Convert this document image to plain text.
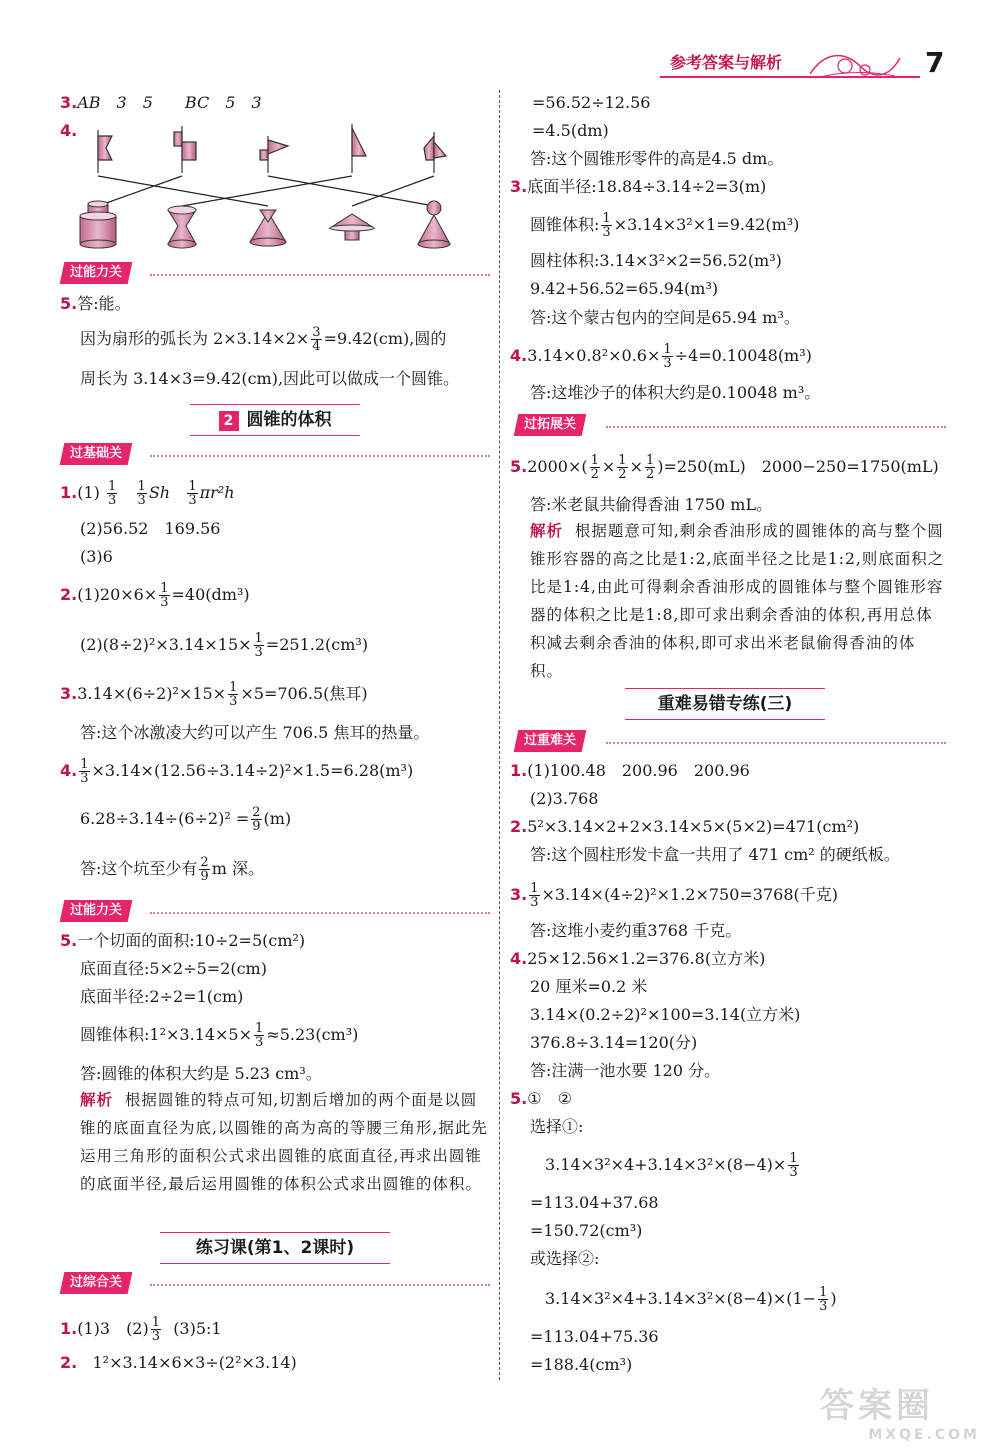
参考答案与解析	7
3.AB　3　5　　BC　5　3
4.
过能力关
5.答:能。
因为扇形的弧长为 $2\times 3.14\times 2\times \frac{3}{4} =9.42(cm)$,圆的
周长为 3.14×3=9.42(cm),因此可以做成一个圆锥。
2 圆锥的体积
过基础关
$1.(1) \frac{1}{3}$
$\frac{1}{3}$ Sh $\frac{1}{3} \pi r^2h$
(2)56.52　169.56
(3)6
$2.(1)20\times 6\times \frac{1}{3} =40(dm^3)$
$(2)(8\div 2)^2\times 3.14\times 15\times \frac{1}{3} =251.2(cm^3)$
$3.3.14\times(6\div 2)^2\times 15\times \frac{1}{3} \times 5=706.5$(焦耳)
答:这个冰激凌大约可以产生 706.5 焦耳的热量。
4. $\frac{1}{3} \times 3.14\times(12.56\div 3.14\div 2)^2\times 1.5=6.28(m^3)$
$6.28\div 3.14\div(6\div 2)^2 = \frac{2}{9} (m)$
答:这个坑至少有 $\frac{2}{9}$ m 深。
过能力关
5.一个切面的面积:10÷2=5(cm²)
底面直径:5×2÷5=2(cm)
底面半径:2÷2=1(cm)
圆锥体积:1²×3.14×5× $\frac{1}{3} \approx 5.23(cm^3)$
答:圆锥的体积大约是 5.23 cm³。
解析 根据圆锥的特点可知,切割后增加的两个面是以圆锥的底面直径为底,以圆锥的高为高的等腰三角形,据此先运用三角形的面积公式求出圆锥的底面直径,再求出圆锥的底面半径,最后运用圆锥的体积公式求出圆锥的体积。
练习课(第1、2课时)
过综合关
1.(1)3　$(2) \frac{1}{3}$ (3)5:1
2. 1²×3.14×6×3÷(2²×3.14)
=56.52÷12.56
=4.5(dm)
答:这个圆锥形零件的高是4.5 dm。
3.底面半径:18.84÷3.14÷2=3(m)
圆锥体积: $\frac{1}{3} \times 3.14\times 3^2\times 1=9.42(m^3)$
圆柱体积:3.14×3²×2=56.52(m³)
9.42+56.52=65.94(m³)
答:这个蒙古包内的空间是65.94 m³。
$4.3.14\times 0.8^2\times 0.6\times \frac{1}{3} \div 4=0.10048(m^3)$
答:这堆沙子的体积大约是0.10048 m³。
过拓展关
$5.2000\times( \frac{1}{2} \times \frac{1}{2} \times \frac{1}{2} )=250(mL)$　2000−250=1750(mL)
答:米老鼠共偷得香油 1750 mL。
解析 根据题意可知,剩余香油形成的圆锥体的高与整个圆锥形容器的高之比是1:2,底面半径之比是1:2,则底面积之比是1:4,由此可得剩余香油形成的圆锥体与整个圆锥形容器的体积之比是1:8,即可求出剩余香油的体积,再用总体积减去剩余香油的体积,即可求出米老鼠偷得香油的体积。
重难易错专练(三)
过重难关
1.(1)100.48　200.96　200.96
(2)3.768
2.5²×3.14×2+2×3.14×5×(5×2)=471(cm²)
答:这个圆柱形发卡盒一共用了 471 cm² 的硬纸板。
3. $\frac{1}{3} \times 3.14\times(4\div 2)^2\times 1.2\times 750=3768$(千克)
答:这堆小麦约重3768 千克。
4.25×12.56×1.2=376.8(立方米)
20 厘米=0.2 米
3.14×(0.2÷2)²×100=3.14(立方米)
376.8÷3.14=120(分)
答:注满一池水要 120 分。
5.①　②
选择①:
$3.14\times 3^2\times 4+3.14\times 3^2\times(8-4)\times \frac{1}{3}$
=113.04+37.68
=150.72(cm³)
或选择②:
$3.14\times 3^2\times 4+3.14\times 3^2\times(8-4)\times(1- \frac{1}{3}$ )
=113.04+75.36
=188.4(cm³)
答案圈
MXQE.COM
